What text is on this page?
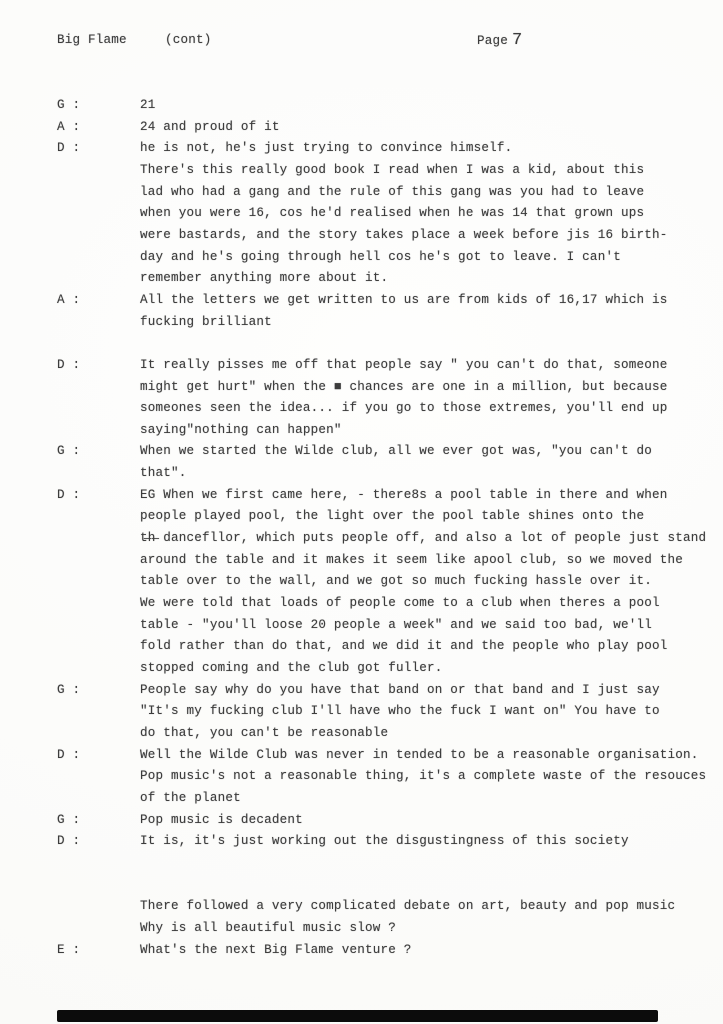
Big Flame	(cont)	Page 7
G :	21
A :	24 and proud of it
D :	he is not, he's just trying to convince himself.
There's this really good book I read when I was a kid, about this
lad who had a gang and the rule of this gang was you had to leave
when you were 16, cos he'd realised when he was 14 that grown ups
were bastards, and the story takes place a week before jis 16 birth-
day and he's going through hell cos he's got to leave. I can't
remember anything more about it.
A :	All the letters we get written to us are from kids of 16,17 which is
fucking brilliant
D :	It really pisses me off that people say " you can't do that, someone
might get hurt" when the ■ chances are one in a million, but because
someones seen the idea... if you go to those extremes, you'll end up
saying"nothing can happen"
G :	When we started the Wilde club, all we ever got was, "you can't do
that".
D :	EG When we first came here, - there8s a pool table in there and when
people played pool, the light over the pool table shines onto the
t̶h̶ dancefllor, which puts people off, and also a lot of people just stand
around the table and it makes it seem like apool club, so we moved the
table over to the wall, and we got so much fucking hassle over it.
We were told that loads of people come to a club when theres a pool
table - "you'll loose 20 people a week" and we said too bad, we'll
fold rather than do that, and we did it and the people who play pool
stopped coming and the club got fuller.
G :	People say why do you have that band on or that band and I just say
"It's my fucking club I'll have who the fuck I want on" You have to
do that, you can't be reasonable
D :	Well the Wilde Club was never in tended to be a reasonable organisation.
Pop music's not a reasonable thing, it's a complete waste of the resouces
of the planet
G :	Pop music is decadent
D :	It is, it's just working out the disgustingness of this society
There followed a very complicated debate on art, beauty and pop music
Why is all beautiful music slow ?
E :	What's the next Big Flame venture ?
